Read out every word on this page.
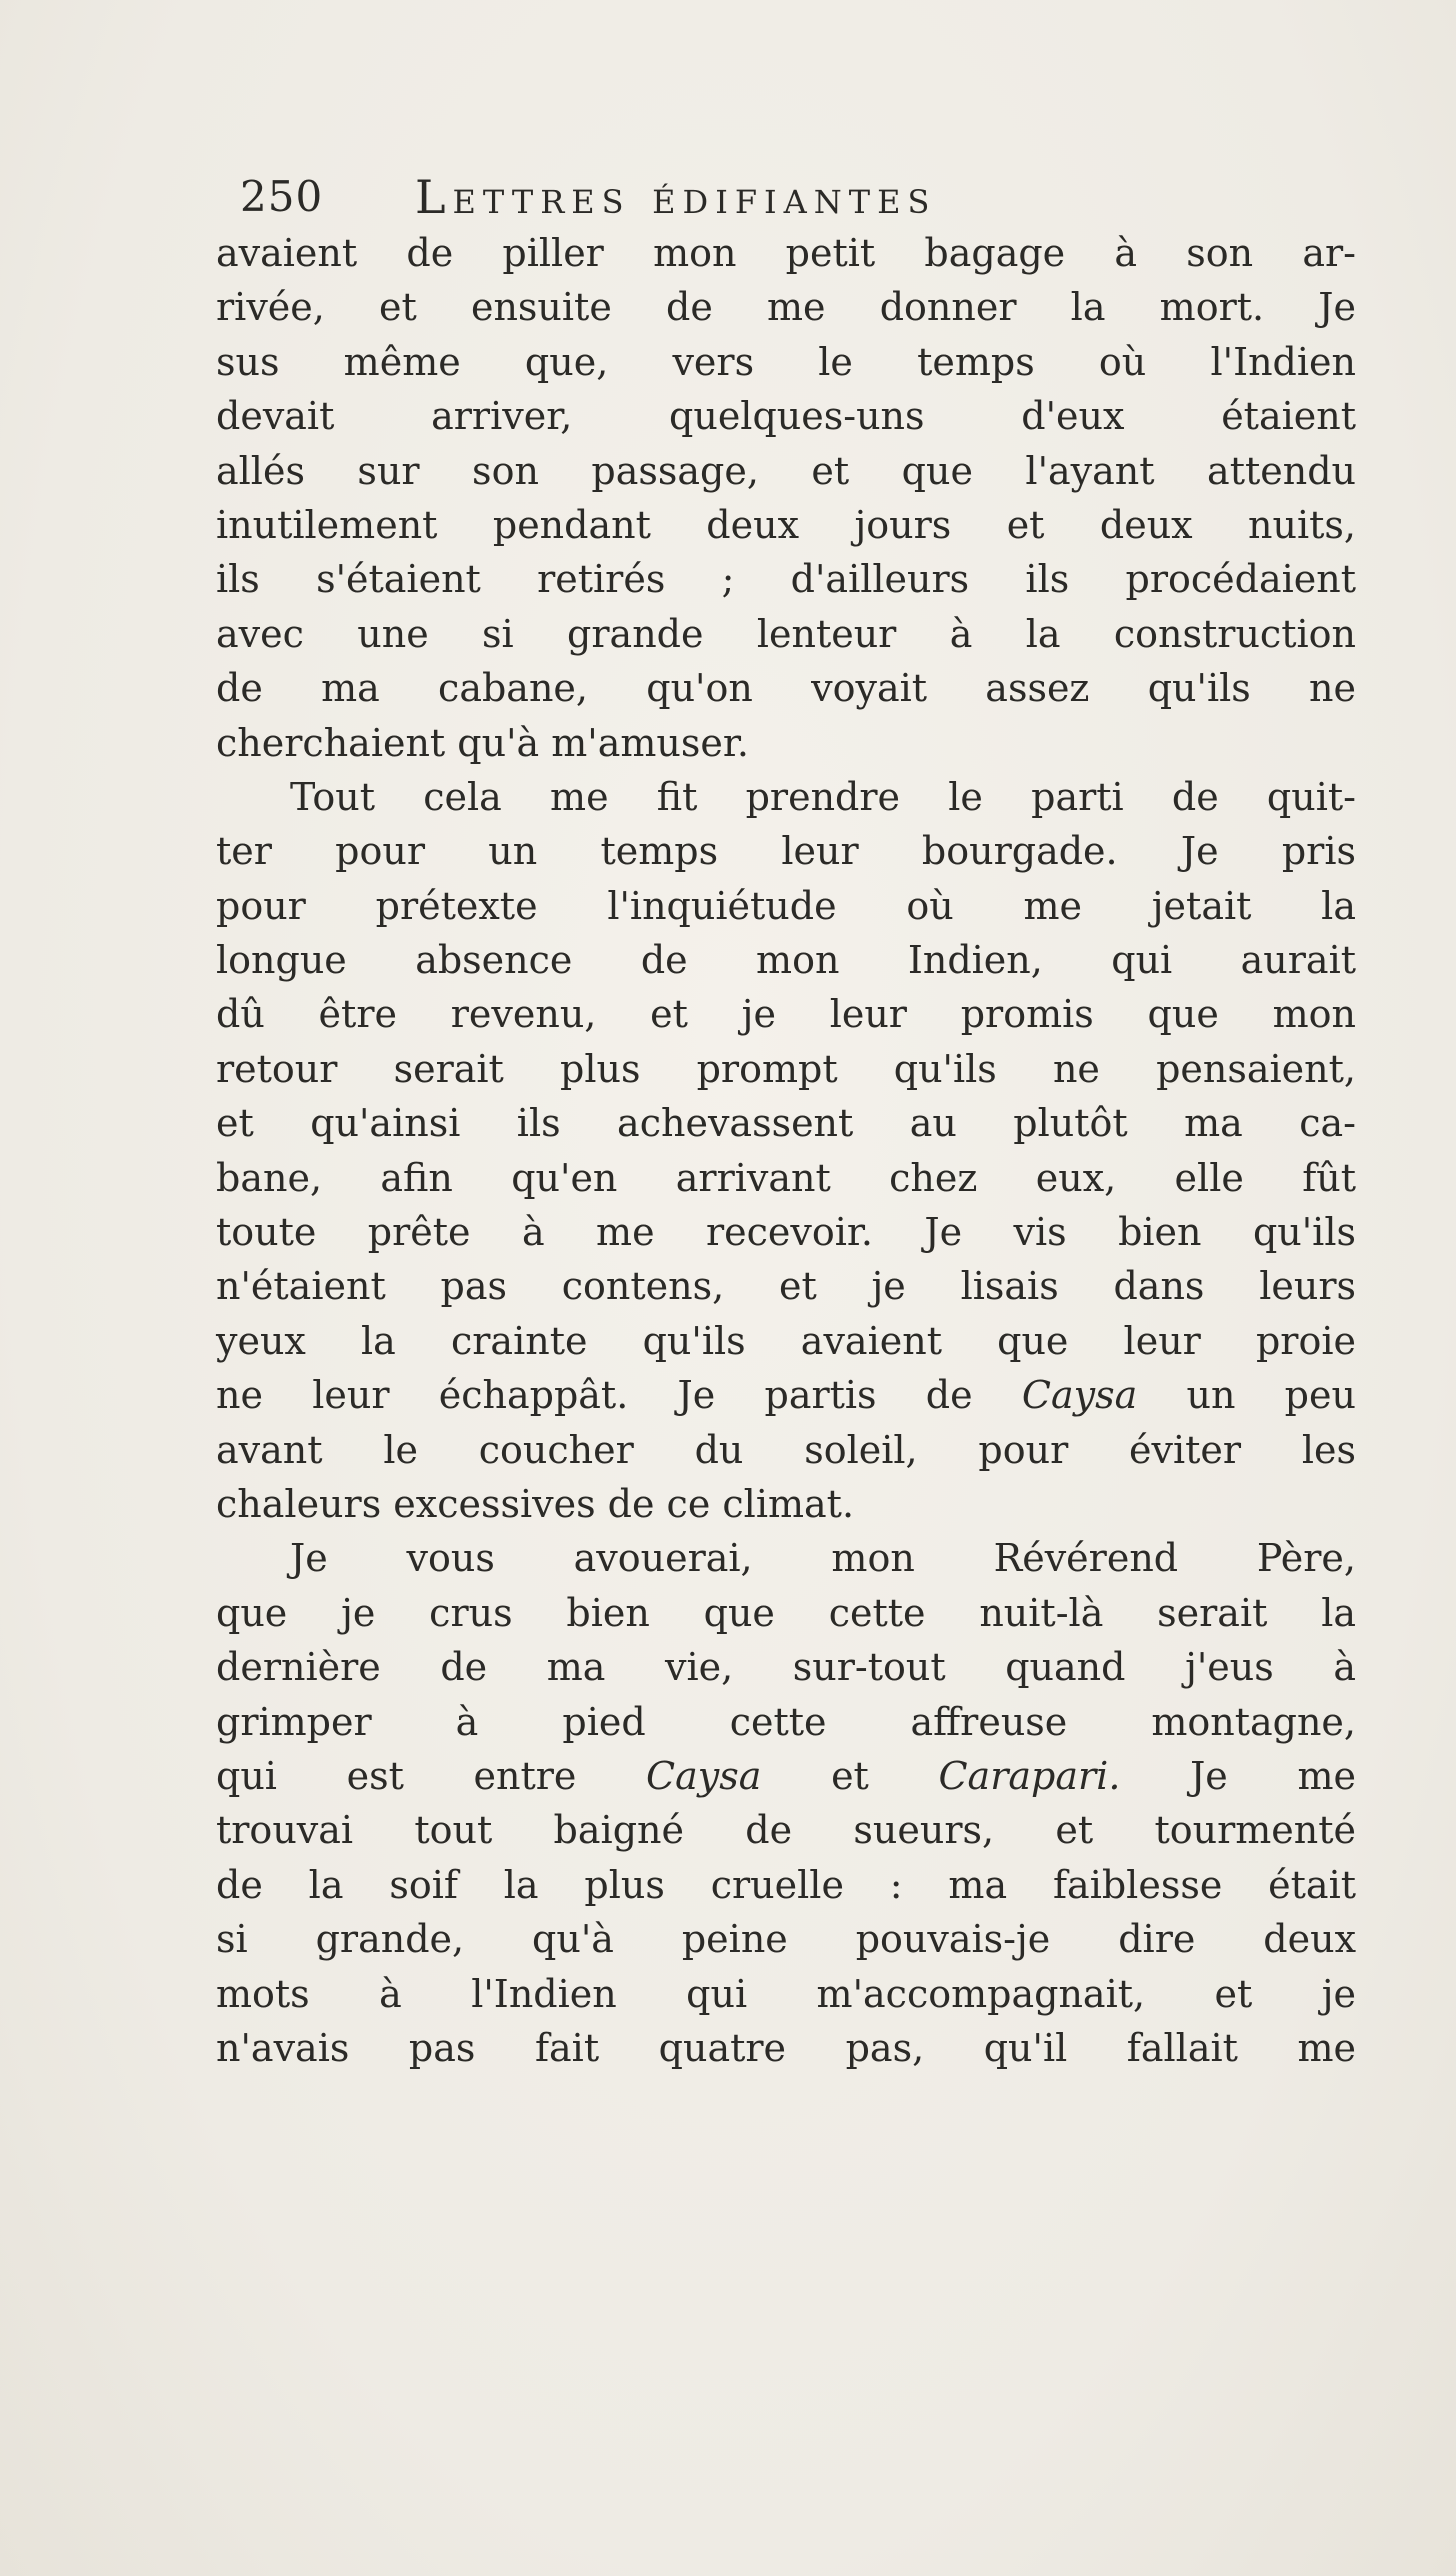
250 Lettres édifiantes
avaient de piller mon petit bagage à son ar-
rivée, et ensuite de me donner la mort. Je
sus même que, vers le temps où l'Indien
devait arriver, quelques-uns d'eux étaient
allés sur son passage, et que l'ayant attendu
inutilement pendant deux jours et deux nuits,
ils s'étaient retirés ; d'ailleurs ils procédaient
avec une si grande lenteur à la construction
de ma cabane, qu'on voyait assez qu'ils ne
cherchaient qu'à m'amuser.
Tout cela me fit prendre le parti de quit-
ter pour un temps leur bourgade. Je pris
pour prétexte l'inquiétude où me jetait la
longue absence de mon Indien, qui aurait
dû être revenu, et je leur promis que mon
retour serait plus prompt qu'ils ne pensaient,
et qu'ainsi ils achevassent au plutôt ma ca-
bane, afin qu'en arrivant chez eux, elle fût
toute prête à me recevoir. Je vis bien qu'ils
n'étaient pas contens, et je lisais dans leurs
yeux la crainte qu'ils avaient que leur proie
ne leur échappât. Je partis de Caysa un peu
avant le coucher du soleil, pour éviter les
chaleurs excessives de ce climat.
Je vous avouerai, mon Révérend Père,
que je crus bien que cette nuit-là serait la
dernière de ma vie, sur-tout quand j'eus à
grimper à pied cette affreuse montagne,
qui est entre Caysa et Carapari. Je me
trouvai tout baigné de sueurs, et tourmenté
de la soif la plus cruelle : ma faiblesse était
si grande, qu'à peine pouvais-je dire deux
mots à l'Indien qui m'accompagnait, et je
n'avais pas fait quatre pas, qu'il fallait me
